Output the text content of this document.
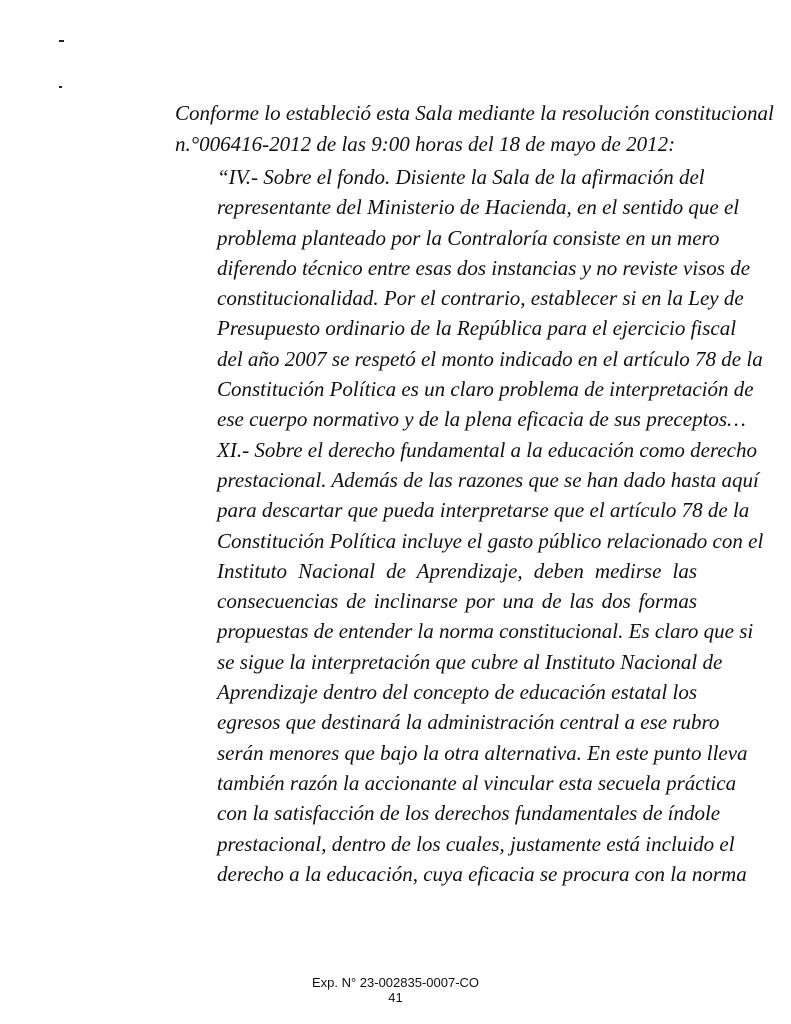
Conforme lo estableció esta Sala mediante la resolución constitucional
n.°006416-2012 de las 9:00 horas del 18 de mayo de 2012:

“IV.- Sobre el fondo. Disiente la Sala de la afirmación del
representante del Ministerio de Hacienda, en el sentido que el
problema planteado por la Contraloría consiste en un mero
diferendo técnico entre esas dos instancias y no reviste visos de
constitucionalidad. Por el contrario, establecer si en la Ley de
Presupuesto ordinario de la República para el ejercicio fiscal
del año 2007 se respetó el monto indicado en el artículo 78 de la
Constitución Política es un claro problema de interpretación de
ese cuerpo normativo y de la plena eficacia de sus preceptos…
XI.- Sobre el derecho fundamental a la educación como derecho
prestacional. Además de las razones que se han dado hasta aquí
para descartar que pueda interpretarse que el artículo 78 de la
Constitución Política incluye el gasto público relacionado con el
Instituto Nacional de Aprendizaje, deben medirse las
consecuencias de inclinarse por una de las dos formas
propuestas de entender la norma constitucional. Es claro que si
se sigue la interpretación que cubre al Instituto Nacional de
Aprendizaje dentro del concepto de educación estatal los
egresos que destinará la administración central a ese rubro
serán menores que bajo la otra alternativa. En este punto lleva
también razón la accionante al vincular esta secuela práctica
con la satisfacción de los derechos fundamentales de índole
prestacional, dentro de los cuales, justamente está incluido el
derecho a la educación, cuya eficacia se procura con la norma

Exp. N° 23-002835-0007-CO
41
